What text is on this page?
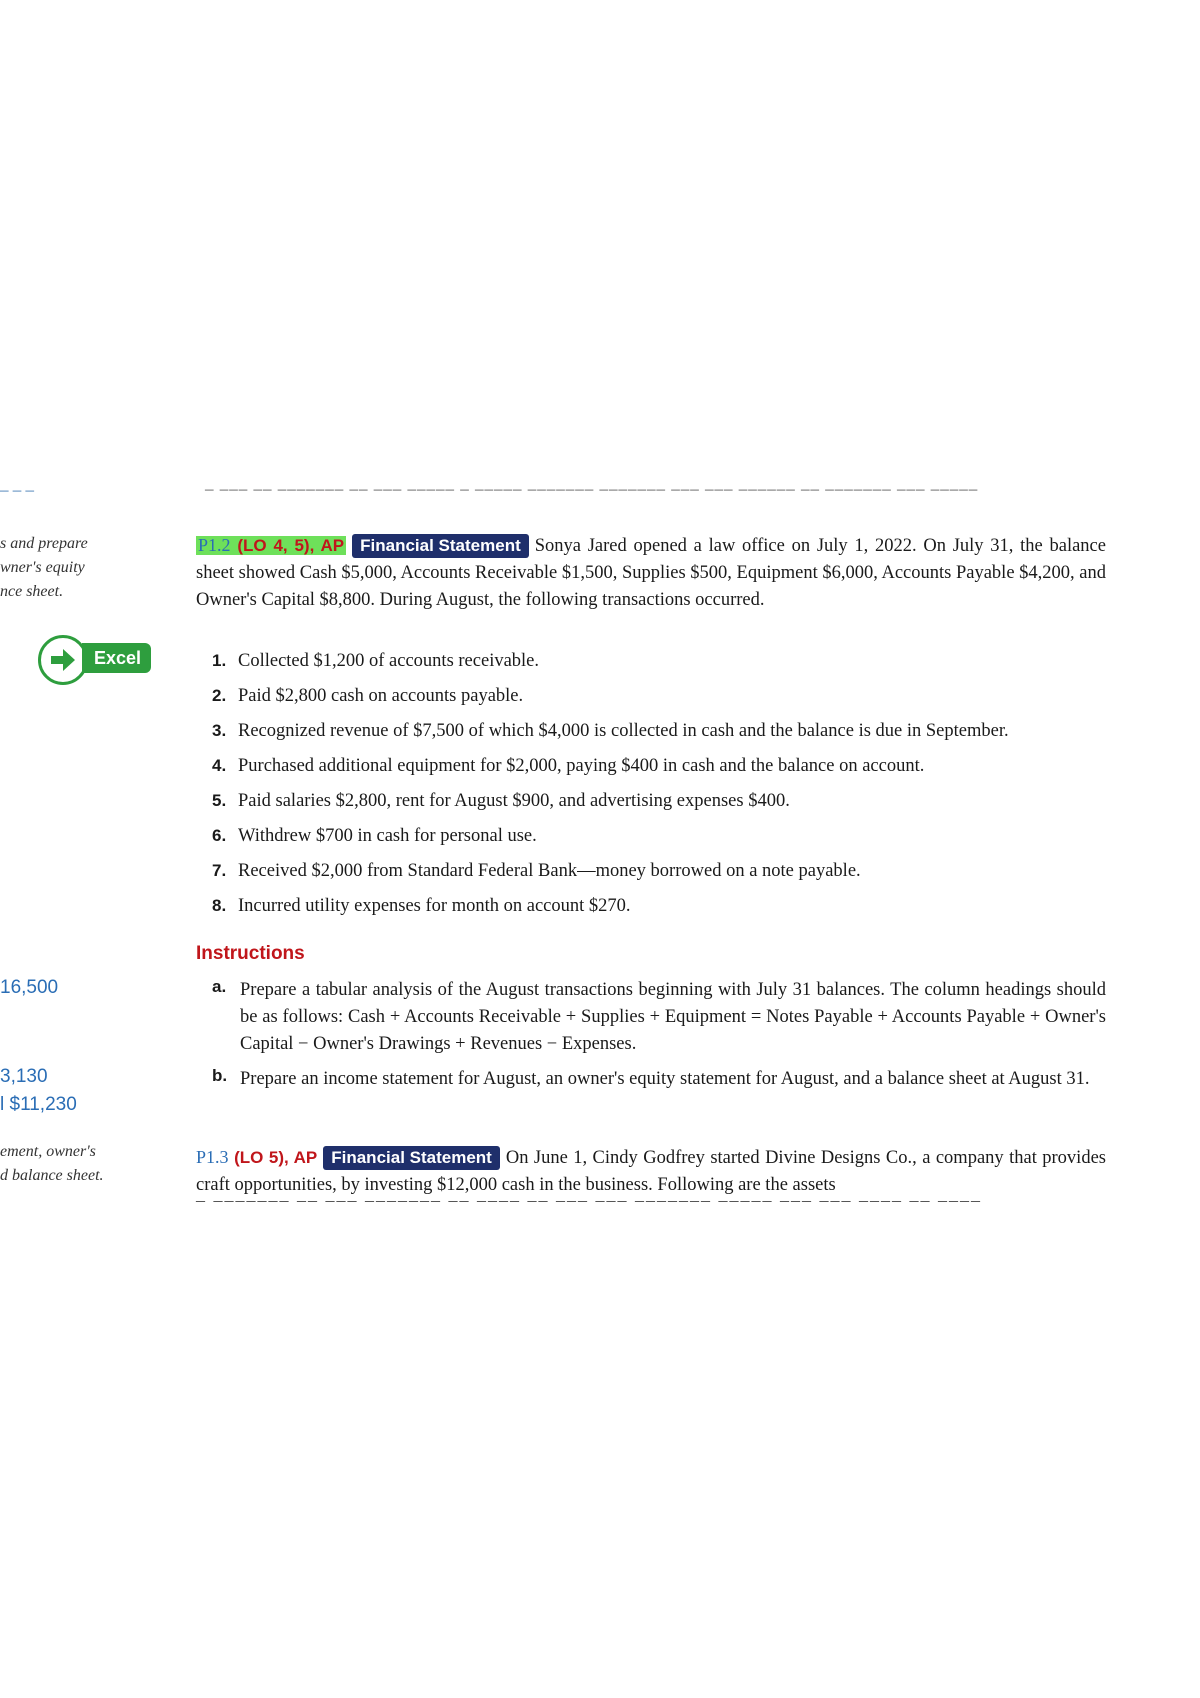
‒ ‒ ‒	‒ ‒‒‒ ‒‒ ‒‒‒‒‒‒‒ ‒‒ ‒‒‒ ‒‒‒‒‒ ‒ ‒‒‒‒‒ ‒‒‒‒‒‒‒ ‒‒‒‒‒‒‒ ‒‒‒ ‒‒‒ ‒‒‒‒‒‒ ‒‒ ‒‒‒‒‒‒‒ ‒‒‒ ‒‒‒‒‒
s and prepare
wner's equity
nce sheet.
Excel
16,500
3,130
l $11,230
ement, owner's
d balance sheet.

P1.2 (LO 4, 5), AP Financial Statement Sonya Jared opened a law office on July 1, 2022. On July 31, the balance sheet showed Cash $5,000, Accounts Receivable $1,500, Supplies $500, Equipment $6,000, Accounts Payable $4,200, and Owner's Capital $8,800. During August, the following transactions occurred.

1. Collected $1,200 of accounts receivable.
2. Paid $2,800 cash on accounts payable.
3. Recognized revenue of $7,500 of which $4,000 is collected in cash and the balance is due in September.
4. Purchased additional equipment for $2,000, paying $400 in cash and the balance on account.
5. Paid salaries $2,800, rent for August $900, and advertising expenses $400.
6. Withdrew $700 in cash for personal use.
7. Received $2,000 from Standard Federal Bank—money borrowed on a note payable.
8. Incurred utility expenses for month on account $270.
Instructions
a. Prepare a tabular analysis of the August transactions beginning with July 31 balances. The column headings should be as follows: Cash + Accounts Receivable + Supplies + Equipment = Notes Payable + Accounts Payable + Owner's Capital − Owner's Drawings + Revenues − Expenses.
b. Prepare an income statement for August, an owner's equity statement for August, and a balance sheet at August 31.

P1.3 (LO 5), AP Financial Statement On June 1, Cindy Godfrey started Divine Designs Co., a company that provides craft opportunities, by investing $12,000 cash in the business. Following are the assets

‒ ‒‒‒‒‒‒‒ ‒‒ ‒‒‒ ‒‒‒‒‒‒‒ ‒‒ ‒‒‒‒ ‒‒ ‒‒‒ ‒‒‒ ‒‒‒‒‒‒‒ ‒‒‒‒‒ ‒‒‒ ‒‒‒ ‒‒‒‒ ‒‒ ‒‒‒‒
